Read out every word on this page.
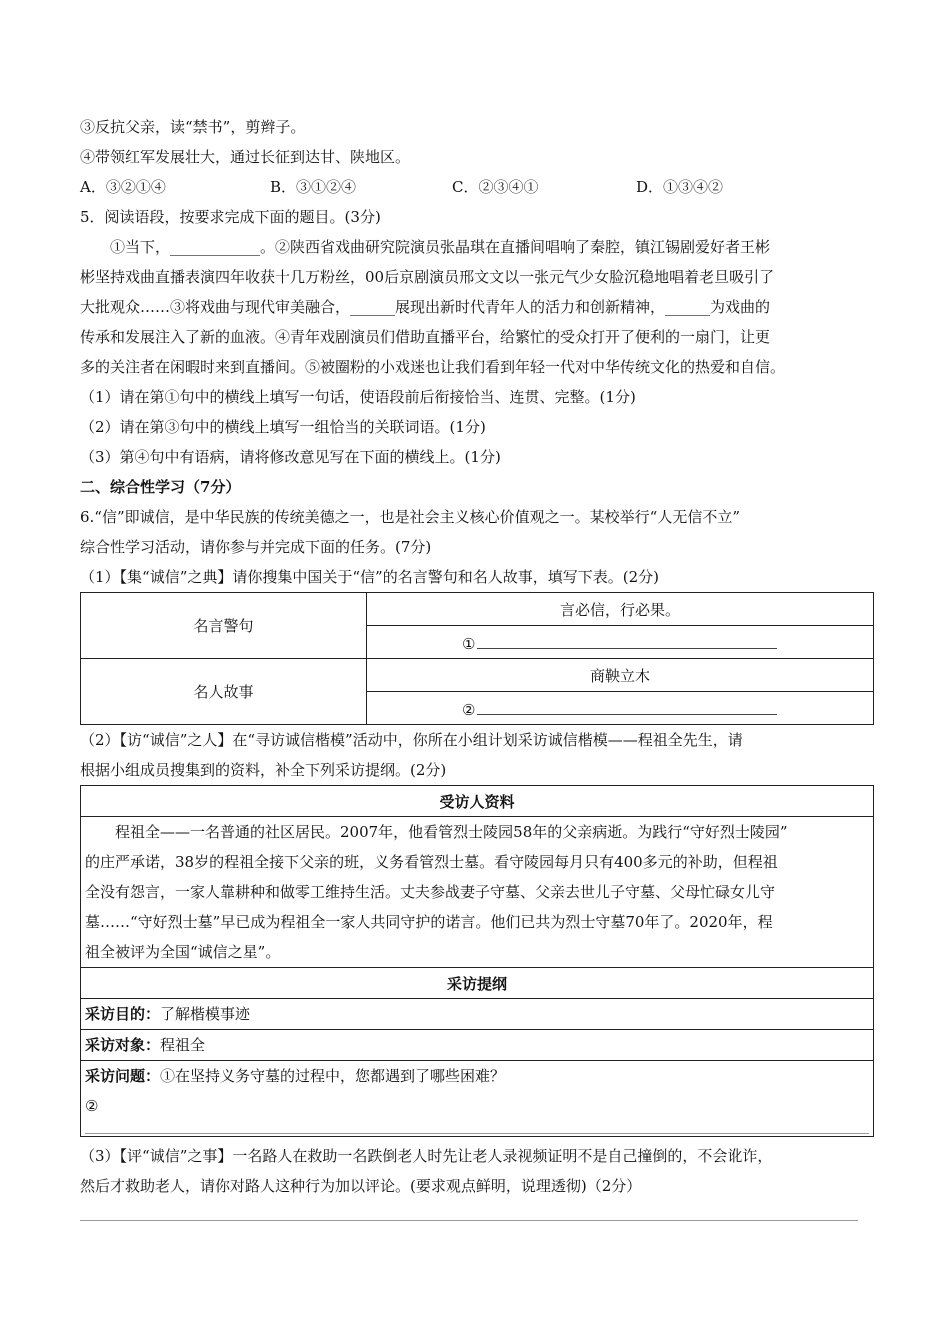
③反抗父亲，读“禁书”，剪辫子。
④带领红军发展壮大，通过长征到达甘、陕地区。
A．③②①④	B．③①②④	C．②③④①	D．①③④②
5．阅读语段，按要求完成下面的题目。(3分)
①当下，____________。②陕西省戏曲研究院演员张晶琪在直播间唱响了秦腔，镇江锡剧爱好者王彬
彬坚持戏曲直播表演四年收获十几万粉丝，00后京剧演员邢文文以一张元气少女脸沉稳地唱着老旦吸引了
大批观众……③将戏曲与现代审美融合，______展现出新时代青年人的活力和创新精神，______为戏曲的
传承和发展注入了新的血液。④青年戏剧演员们借助直播平台，给繁忙的受众打开了便利的一扇门，让更
多的关注者在闲暇时来到直播间。⑤被圈粉的小戏迷也让我们看到年轻一代对中华传统文化的热爱和自信。
（1）请在第①句中的横线上填写一句话，使语段前后衔接恰当、连贯、完整。(1分)
（2）请在第③句中的横线上填写一组恰当的关联词语。(1分)
（3）第④句中有语病，请将修改意见写在下面的横线上。(1分)
二、综合性学习（7分）
6.“信”即诚信，是中华民族的传统美德之一，也是社会主义核心价值观之一。某校举行“人无信不立”
综合性学习活动，请你参与并完成下面的任务。(7分)
（1）【集“诚信”之典】请你搜集中国关于“信”的名言警句和名人故事，填写下表。(2分)
名言警句	言必信，行必果。
	①
名人故事	商鞅立木
	②
（2）【访“诚信”之人】在“寻访诚信楷模”活动中，你所在小组计划采访诚信楷模——程祖全先生，请
根据小组成员搜集到的资料，补全下列采访提纲。(2分)
受访人资料

程祖全——一名普通的社区居民。2007年，他看管烈士陵园58年的父亲病逝。为践行“守好烈士陵园”

的庄严承诺，38岁的程祖全接下父亲的班，义务看管烈士墓。看守陵园每月只有400多元的补助，但程祖

全没有怨言，一家人靠耕种和做零工维持生活。丈夫参战妻子守墓、父亲去世儿子守墓、父母忙碌女儿守

墓……“守好烈士墓”早已成为程祖全一家人共同守护的诺言。他们已共为烈士守墓70年了。2020年，程

祖全被评为全国“诚信之星”。

采访提纲
采访目的：了解楷模事迹
采访对象：程祖全

采访问题：①在坚持义务守墓的过程中，您都遇到了哪些困难？
②
（3）【评“诚信”之事】一名路人在救助一名跌倒老人时先让老人录视频证明不是自己撞倒的，不会讹诈，
然后才救助老人，请你对路人这种行为加以评论。(要求观点鲜明，说理透彻)（2分）
